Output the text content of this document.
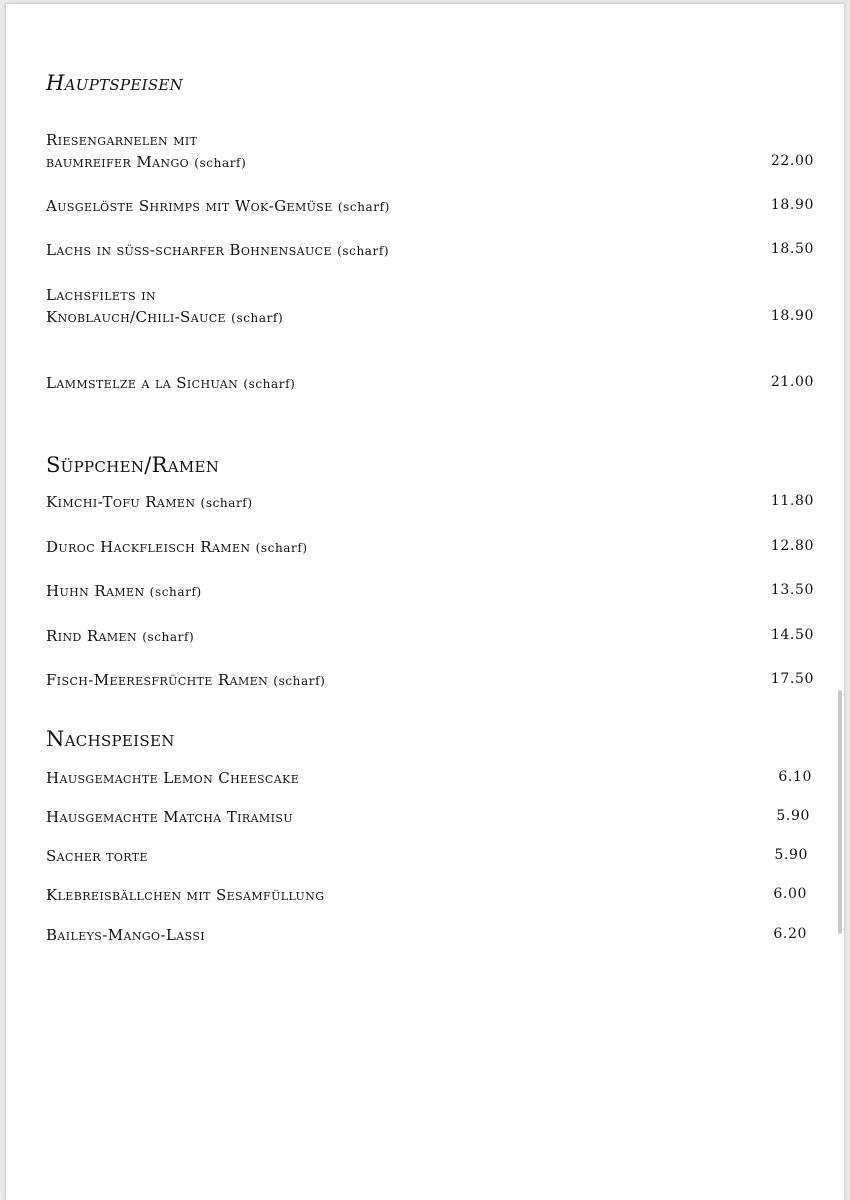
Hauptspeisen
Riesengarnelen mit
baumreifer Mango (scharf)	22.00
Ausgelöste Shrimps mit Wok-Gemüse (scharf)	18.90
Lachs in süss-scharfer Bohnensauce (scharf)	18.50
Lachsfilets in
Knoblauch/Chili-Sauce (scharf)	18.90
Lammstelze a la Sichuan (scharf)	21.00
Süppchen/Ramen
Kimchi-Tofu Ramen (scharf)	11.80
Duroc Hackfleisch Ramen (scharf)	12.80
Huhn Ramen (scharf)	13.50
Rind Ramen (scharf)	14.50
Fisch-Meeresfrüchte Ramen (scharf)	17.50
Nachspeisen
Hausgemachte Lemon Cheescake	6.10
Hausgemachte Matcha Tiramisu	5.90
Sacher torte	5.90
Klebreisbällchen mit Sesamfüllung	6.00
Baileys-Mango-Lassi	6.20
